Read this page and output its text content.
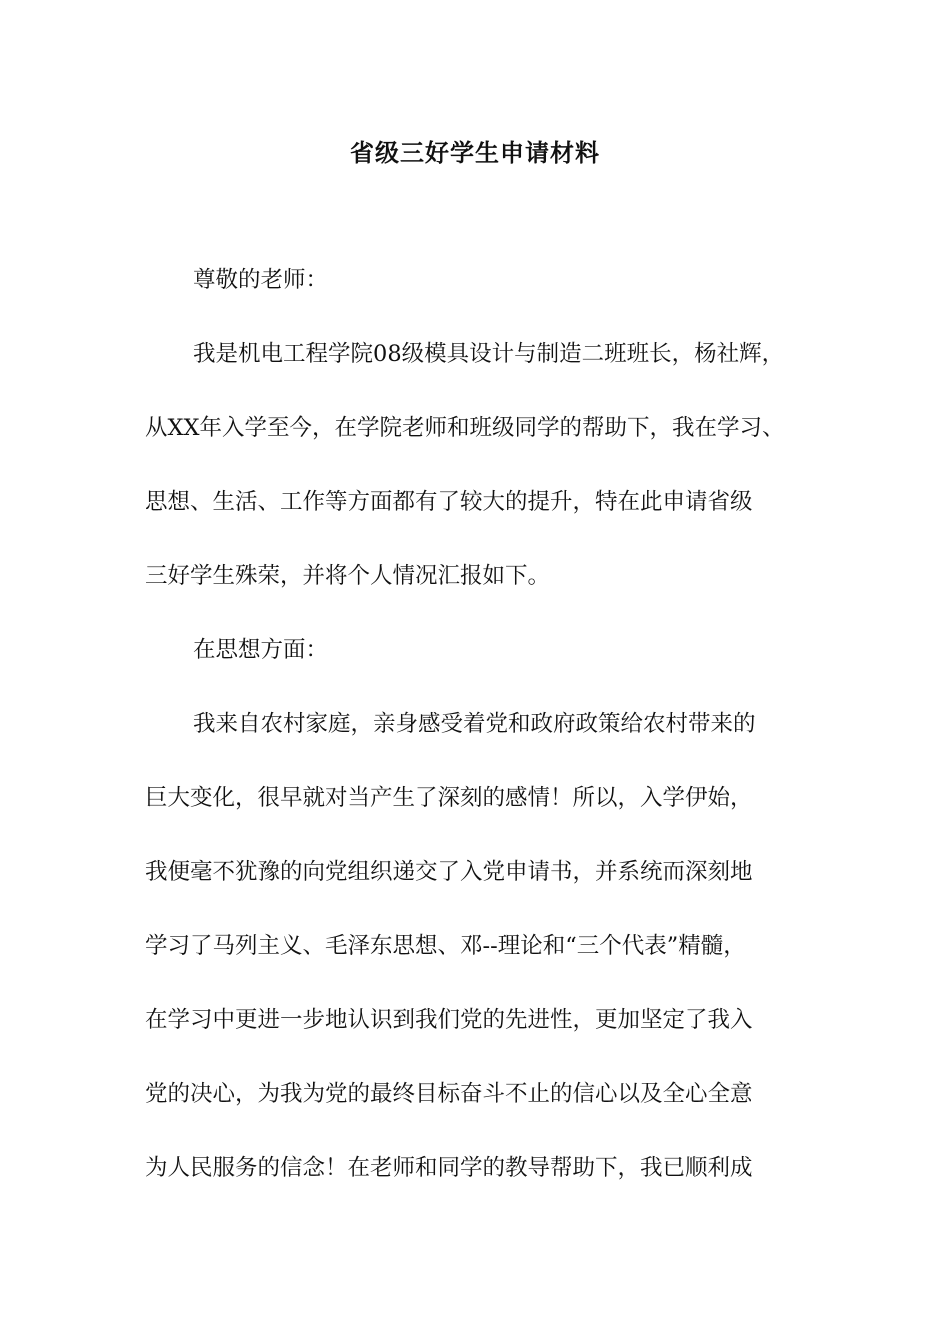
省级三好学生申请材料
尊敬的老师：
我是机电工程学院08级模具设计与制造二班班长，杨社辉，
从XX年入学至今，在学院老师和班级同学的帮助下，我在学习、
思想、生活、工作等方面都有了较大的提升，特在此申请省级
三好学生殊荣，并将个人情况汇报如下。
在思想方面：
我来自农村家庭，亲身感受着党和政府政策给农村带来的
巨大变化，很早就对当产生了深刻的感情！所以，入学伊始，
我便毫不犹豫的向党组织递交了入党申请书，并系统而深刻地
学习了马列主义、毛泽东思想、邓--理论和“三个代表”精髓，
在学习中更进一步地认识到我们党的先进性，更加坚定了我入
党的决心，为我为党的最终目标奋斗不止的信心以及全心全意
为人民服务的信念！在老师和同学的教导帮助下，我已顺利成
